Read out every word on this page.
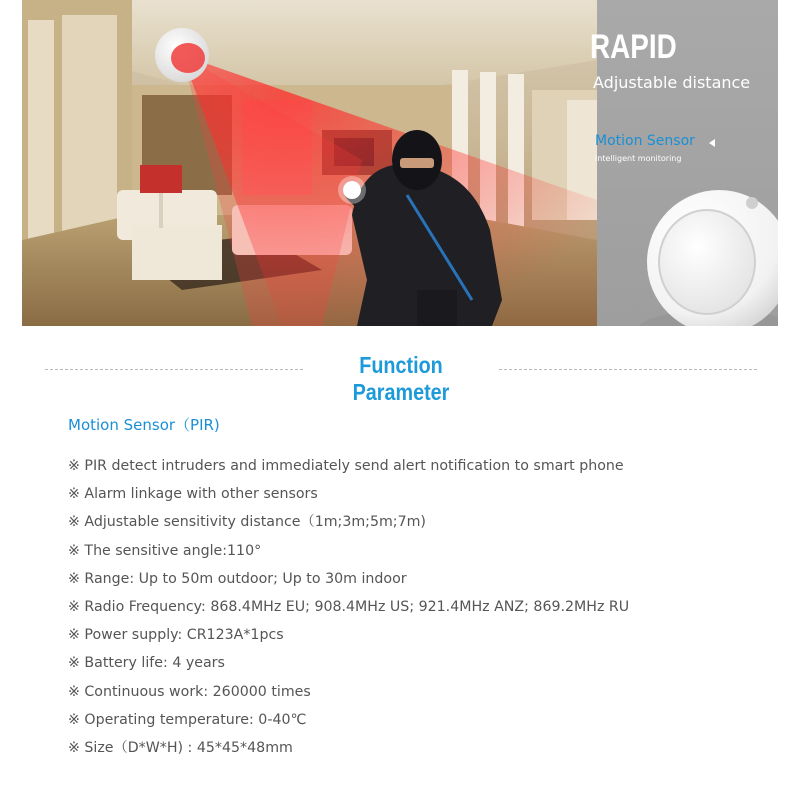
RAPID
Adjustable distance
Motion Sensor
intelligent monitoring
Function Parameter
Motion Sensor（PIR)
※ PIR detect intruders and immediately send alert notification to smart phone
※ Alarm linkage with other sensors
※ Adjustable sensitivity distance（1m;3m;5m;7m)
※ The sensitive angle:110°
※ Range: Up to 50m outdoor; Up to 30m indoor
※ Radio Frequency: 868.4MHz EU; 908.4MHz US; 921.4MHz ANZ; 869.2MHz RU
※ Power supply: CR123A*1pcs
※ Battery life: 4 years
※ Continuous work: 260000 times
※ Operating temperature: 0-40℃
※ Size（D*W*H) : 45*45*48mm
